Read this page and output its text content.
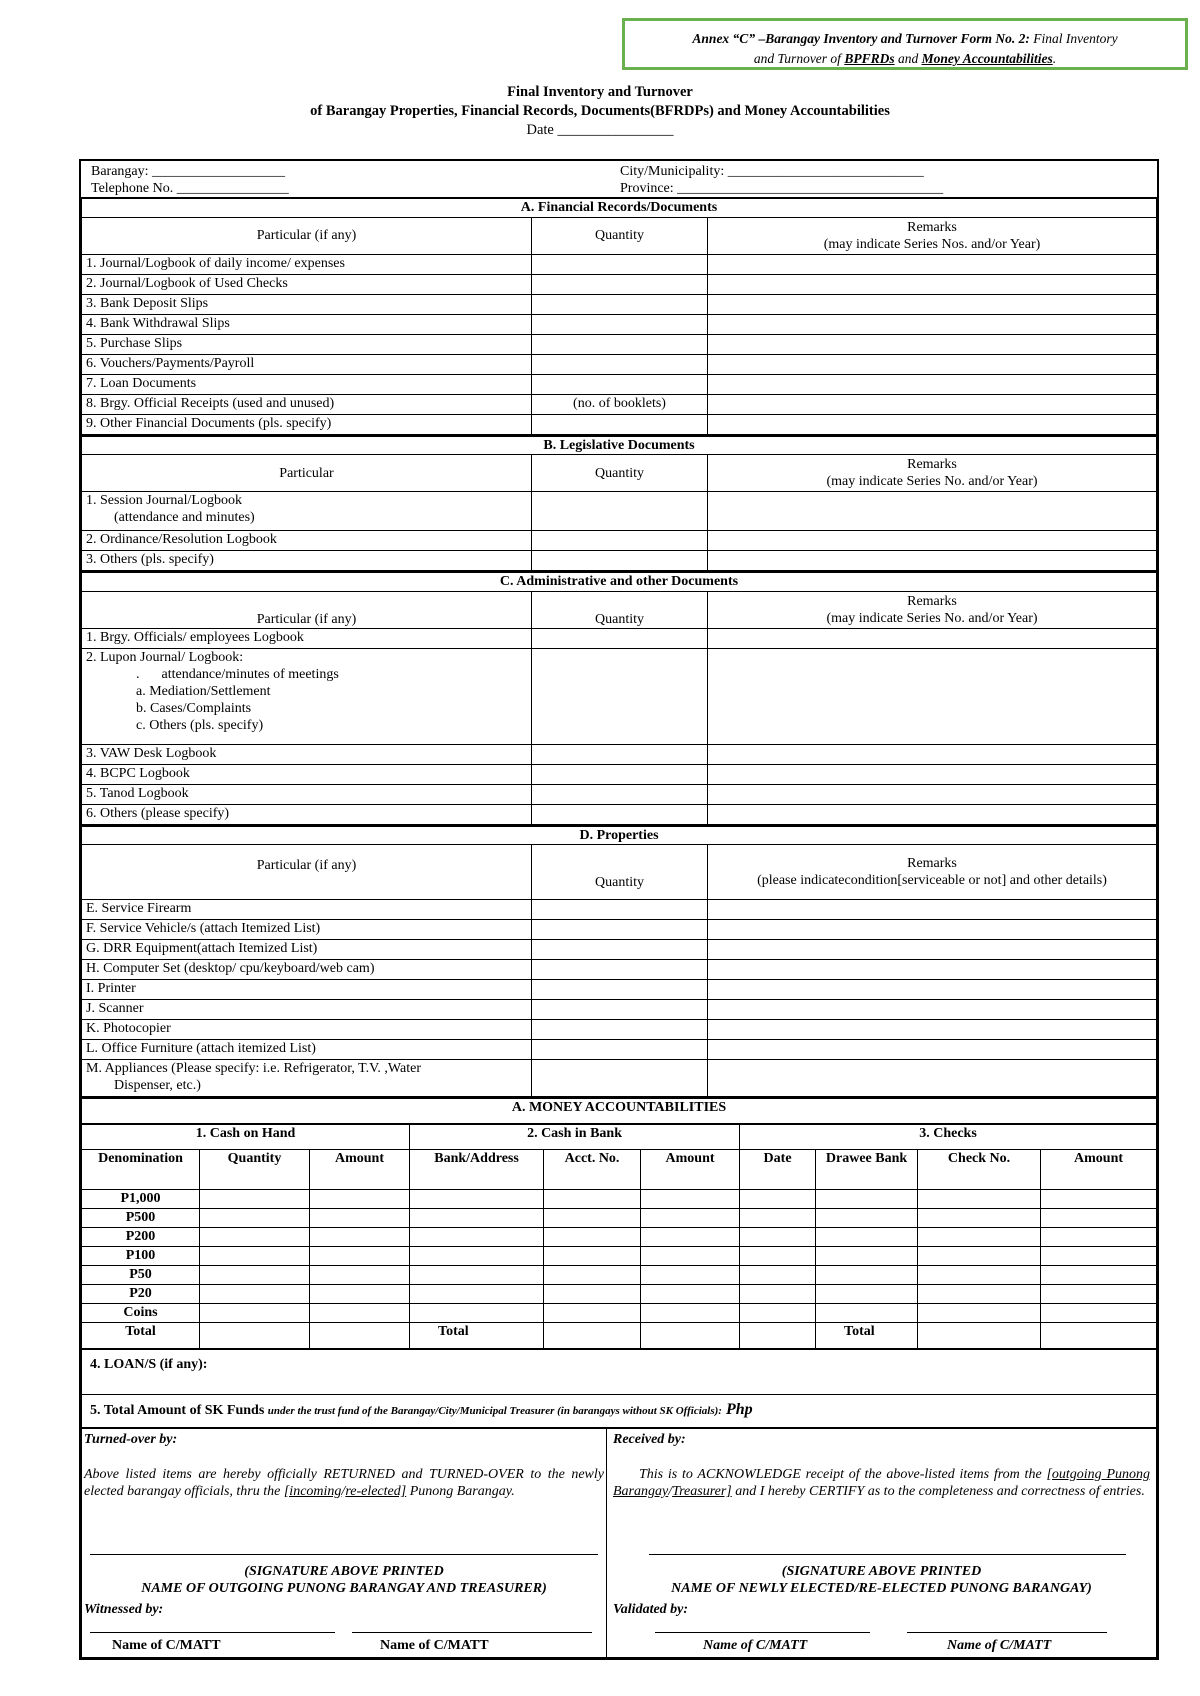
Annex “C” –Barangay Inventory and Turnover Form No. 2: Final Inventory
and Turnover of BPFRDs and Money Accountabilities.
Final Inventory and Turnover
of Barangay Properties, Financial Records, Documents(BFRDPs) and Money Accountabilities
Date ________________
Barangay: ___________________
Telephone No. ________________

City/Municipality: ____________________________
Province: ______________________________________
A. Financial Records/Documents		
Particular (if any)	Quantity	Remarks
(may indicate Series Nos. and/or Year)

1. Journal/Logbook of daily income/ expenses		
2. Journal/Logbook of Used Checks		
3. Bank Deposit Slips		
4. Bank Withdrawal Slips		
5. Purchase Slips		
6. Vouchers/Payments/Payroll		
7. Loan Documents		
8. Brgy. Official Receipts (used and unused)	(no. of booklets)	
9. Other Financial Documents (pls. specify)		
B. Legislative Documents		
Particular	Quantity	Remarks
(may indicate Series No. and/or Year)

1. Session Journal/Logbook
(attendance and minutes)		

2. Ordinance/Resolution Logbook		
3. Others (pls. specify)		
C. Administrative and other Documents		
Particular (if any)	Quantity	Remarks
(may indicate Series No. and/or Year)

1. Brgy. Officials/ employees Logbook		

2. Lupon Journal/ Logbook:
. attendance/minutes of meetings
a. Mediation/Settlement
b. Cases/Complaints
c. Others (pls. specify)		

3. VAW Desk Logbook		
4. BCPC Logbook		
5. Tanod Logbook		
6. Others (please specify)		
D. Properties		
Particular (if any)	Quantity	Remarks
(please indicatecondition[serviceable or not] and other details)

E. Service Firearm		
F. Service Vehicle/s (attach Itemized List)		
G. DRR Equipment(attach Itemized List)		
H. Computer Set (desktop/ cpu/keyboard/web cam)		
I. Printer		
J. Scanner		
K. Photocopier		
L. Office Furniture (attach itemized List)		

M. Appliances (Please specify: i.e. Refrigerator, T.V. ,Water
Dispenser, etc.)		

A. MONEY ACCOUNTABILITIES
1. Cash on Hand			2. Cash in Bank			3. Checks			
Denomination	Quantity	Amount	Bank/Address	Acct. No.	Amount	Date	Drawee Bank	Check No.	Amount
P1,000									
P500									
P200									
P100									
P50									
P20									
Coins									
Total			Total				Total		
4. LOAN/S (if any):
5. Total Amount of SK Funds under the trust fund of the Barangay/City/Municipal Treasurer (in barangays without SK Officials): Php
Turned-over by:
Above listed items are hereby officially RETURNED and TURNED-OVER to the newly elected barangay officials, thru the [incoming/re-elected] Punong Barangay.
(SIGNATURE ABOVE PRINTED
NAME OF OUTGOING PUNONG BARANGAY AND TREASURER)
Witnessed by:
Name of C/MATT	Name of C/MATT

Received by:
This is to ACKNOWLEDGE receipt of the above-listed items from the [outgoing Punong Barangay/Treasurer] and I hereby CERTIFY as to the completeness and correctness of entries.
(SIGNATURE ABOVE PRINTED
NAME OF NEWLY ELECTED/RE-ELECTED PUNONG BARANGAY)
Validated by:
Name of C/MATT	Name of C/MATT
